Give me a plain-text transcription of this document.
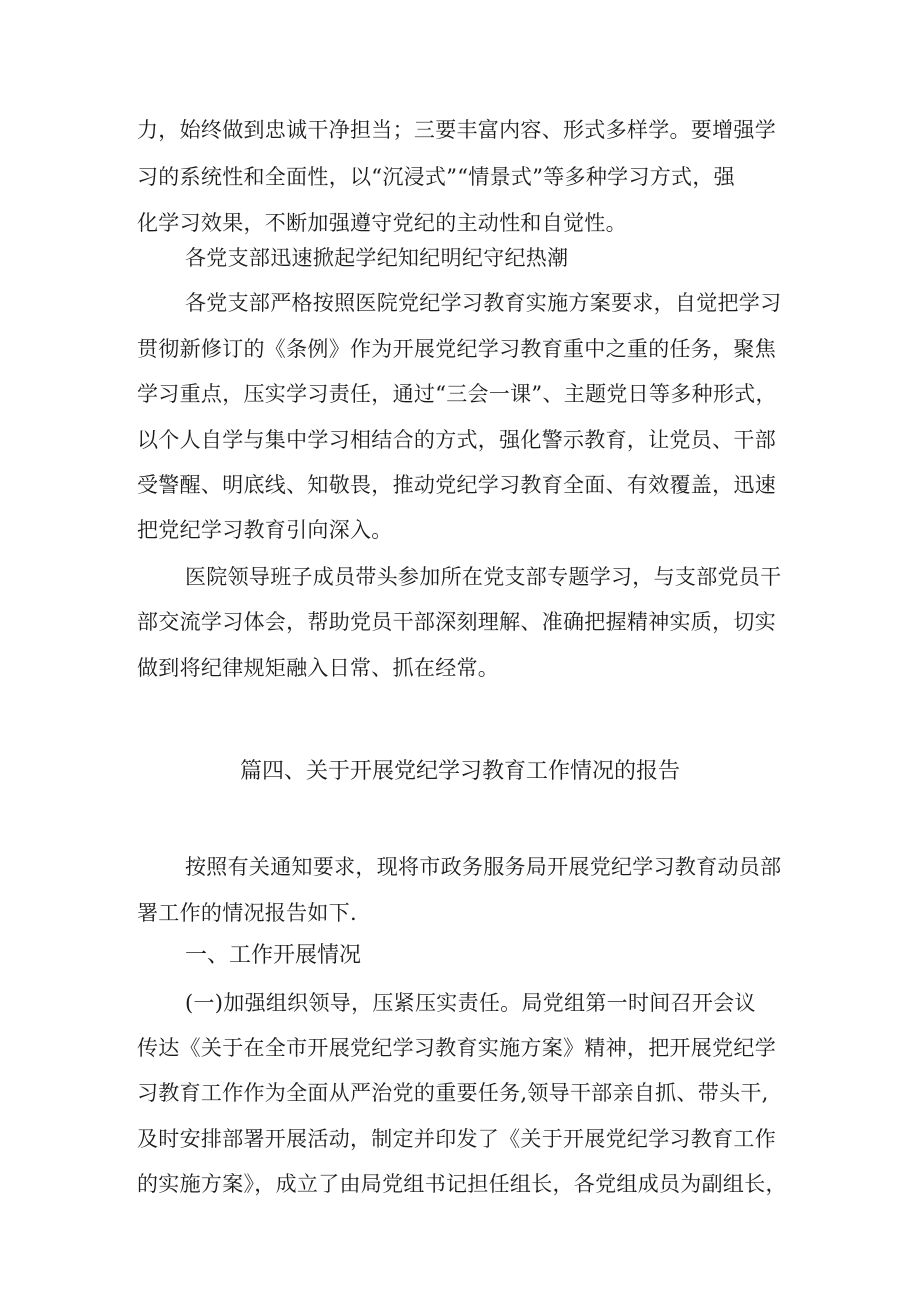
力，始终做到忠诚干净担当；三要丰富内容、形式多样学。要增强学
习的系统性和全面性，以“沉浸式”“情景式”等多种学习方式，强
化学习效果，不断加强遵守党纪的主动性和自觉性。
各党支部迅速掀起学纪知纪明纪守纪热潮
各党支部严格按照医院党纪学习教育实施方案要求，自觉把学习
贯彻新修订的《条例》作为开展党纪学习教育重中之重的任务，聚焦
学习重点，压实学习责任，通过“三会一课”、主题党日等多种形式，
以个人自学与集中学习相结合的方式，强化警示教育，让党员、干部
受警醒、明底线、知敬畏，推动党纪学习教育全面、有效覆盖，迅速
把党纪学习教育引向深入。
医院领导班子成员带头参加所在党支部专题学习，与支部党员干
部交流学习体会，帮助党员干部深刻理解、准确把握精神实质，切实
做到将纪律规矩融入日常、抓在经常。
篇四、关于开展党纪学习教育工作情况的报告
按照有关通知要求，现将市政务服务局开展党纪学习教育动员部
署工作的情况报告如下.
一、工作开展情况
(一)加强组织领导，压紧压实责任。局党组第一时间召开会议
传达《关于在全市开展党纪学习教育实施方案》精神，把开展党纪学
习教育工作作为全面从严治党的重要任务,领导干部亲自抓、带头干,
及时安排部署开展活动，制定并印发了《关于开展党纪学习教育工作
的实施方案》，成立了由局党组书记担任组长，各党组成员为副组长，
